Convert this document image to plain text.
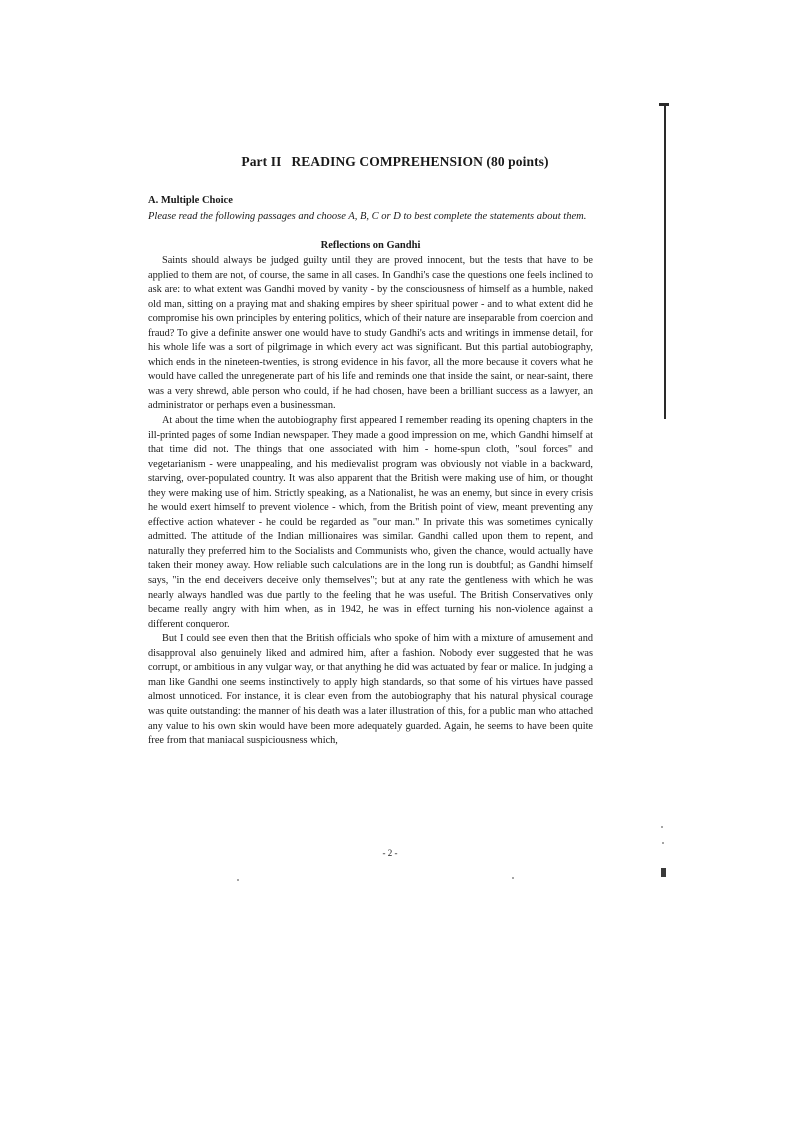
Part II READING COMPREHENSION (80 points)
A. Multiple Choice
Please read the following passages and choose A, B, C or D to best complete the statements about them.
Reflections on Gandhi

Saints should always be judged guilty until they are proved innocent, but the tests that have to be applied to them are not, of course, the same in all cases. In Gandhi's case the questions one feels inclined to ask are: to what extent was Gandhi moved by vanity - by the consciousness of himself as a humble, naked old man, sitting on a praying mat and shaking empires by sheer spiritual power - and to what extent did he compromise his own principles by entering politics, which of their nature are inseparable from coercion and fraud? To give a definite answer one would have to study Gandhi's acts and writings in immense detail, for his whole life was a sort of pilgrimage in which every act was significant. But this partial autobiography, which ends in the nineteen-twenties, is strong evidence in his favor, all the more because it covers what he would have called the unregenerate part of his life and reminds one that inside the saint, or near-saint, there was a very shrewd, able person who could, if he had chosen, have been a brilliant success as a lawyer, an administrator or perhaps even a businessman.

At about the time when the autobiography first appeared I remember reading its opening chapters in the ill-printed pages of some Indian newspaper. They made a good impression on me, which Gandhi himself at that time did not. The things that one associated with him - home-spun cloth, "soul forces" and vegetarianism - were unappealing, and his medievalist program was obviously not viable in a backward, starving, over-populated country. It was also apparent that the British were making use of him, or thought they were making use of him. Strictly speaking, as a Nationalist, he was an enemy, but since in every crisis he would exert himself to prevent violence - which, from the British point of view, meant preventing any effective action whatever - he could be regarded as "our man." In private this was sometimes cynically admitted. The attitude of the Indian millionaires was similar. Gandhi called upon them to repent, and naturally they preferred him to the Socialists and Communists who, given the chance, would actually have taken their money away. How reliable such calculations are in the long run is doubtful; as Gandhi himself says, "in the end deceivers deceive only themselves"; but at any rate the gentleness with which he was nearly always handled was due partly to the feeling that he was useful. The British Conservatives only became really angry with him when, as in 1942, he was in effect turning his non-violence against a different conqueror.

But I could see even then that the British officials who spoke of him with a mixture of amusement and disapproval also genuinely liked and admired him, after a fashion. Nobody ever suggested that he was corrupt, or ambitious in any vulgar way, or that anything he did was actuated by fear or malice. In judging a man like Gandhi one seems instinctively to apply high standards, so that some of his virtues have passed almost unnoticed. For instance, it is clear even from the autobiography that his natural physical courage was quite outstanding: the manner of his death was a later illustration of this, for a public man who attached any value to his own skin would have been more adequately guarded. Again, he seems to have been quite free from that maniacal suspiciousness which,

- 2 -
